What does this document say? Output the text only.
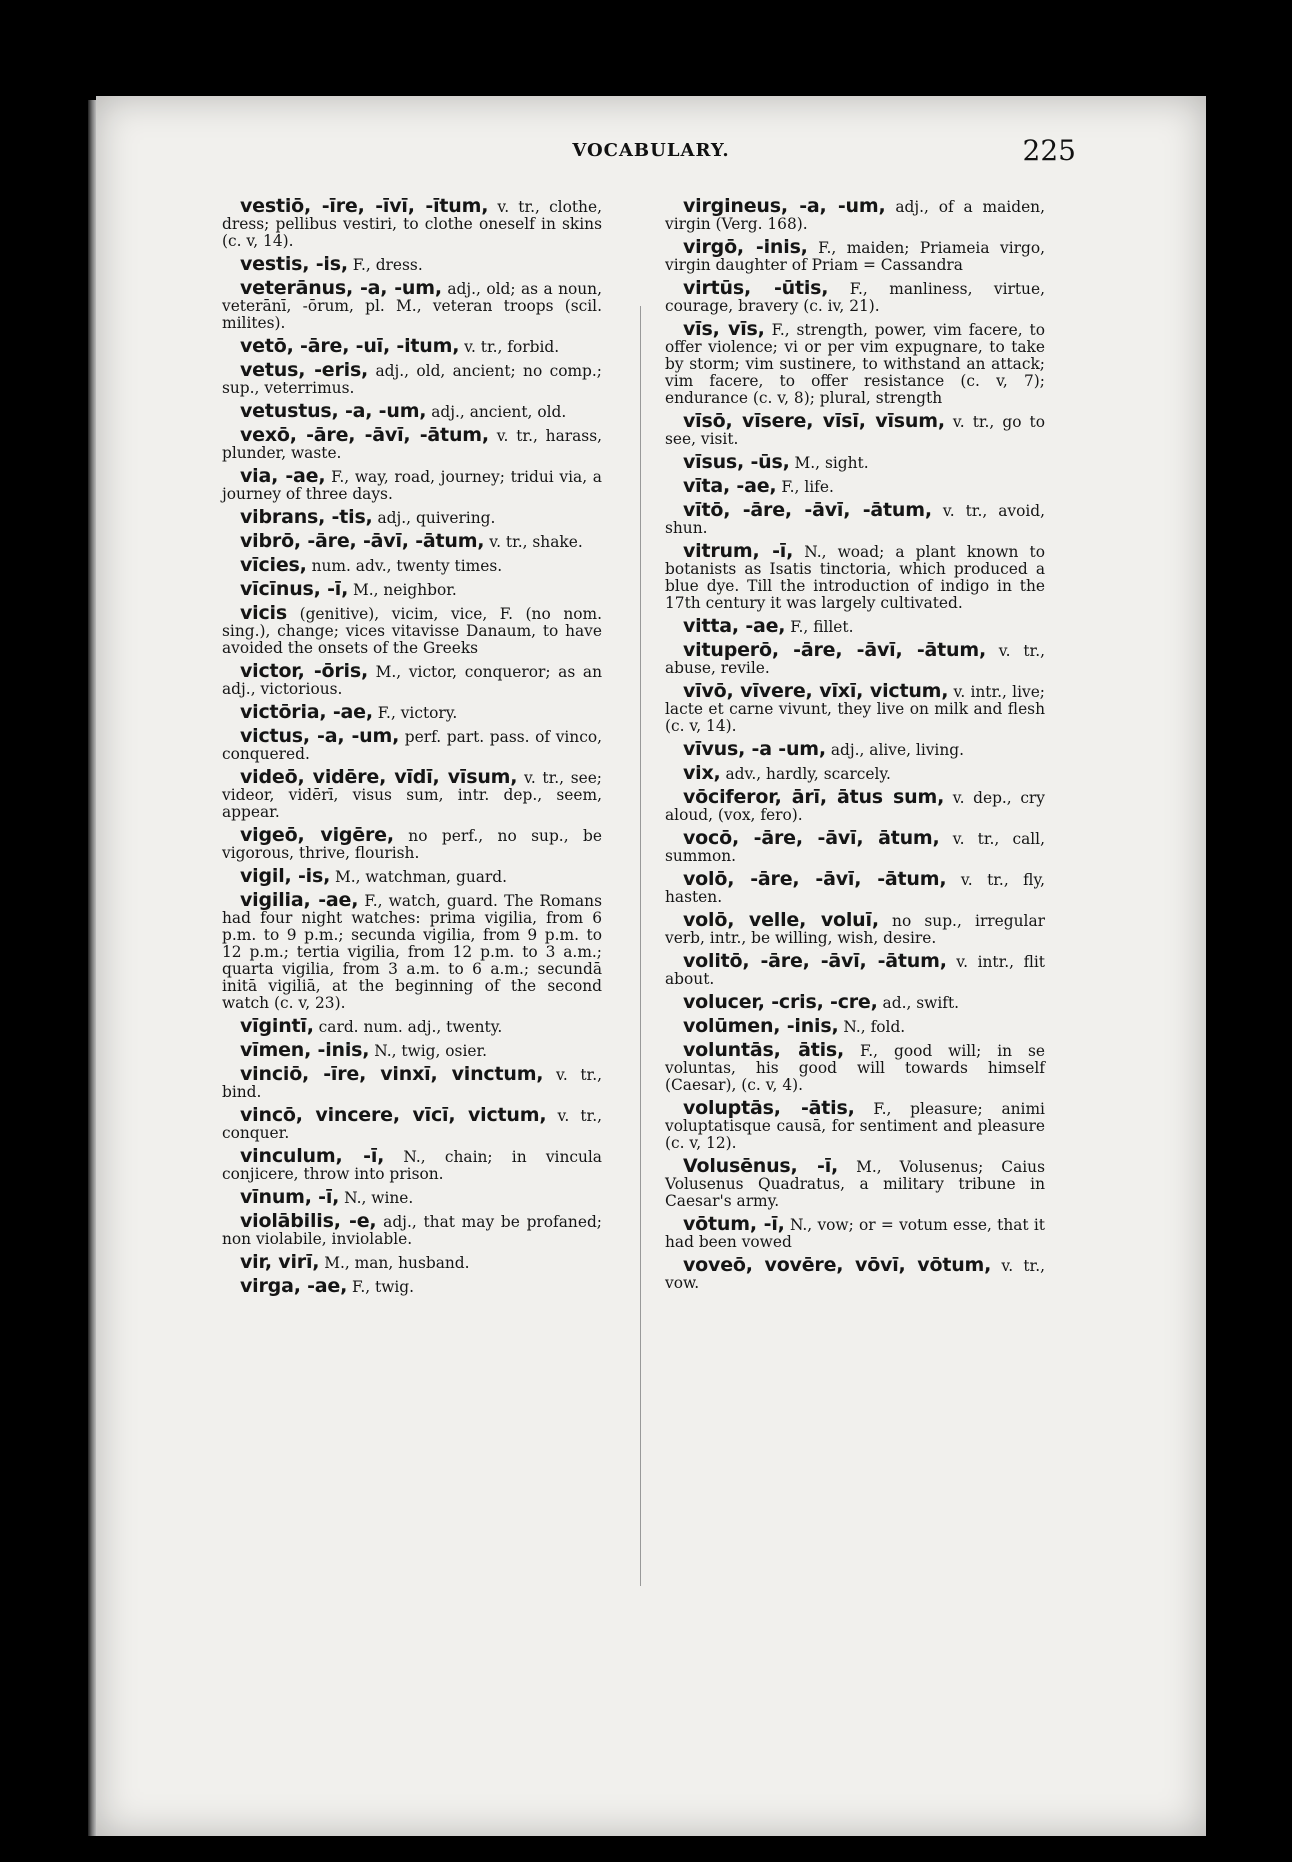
VOCABULARY.	225

vestiō, -īre, -īvī, -ītum, v. tr., clothe, dress; pellibus vestiri, to clothe oneself in skins (c. v, 14).

vestis, -is, F., dress.

veterānus, -a, -um, adj., old; as a noun, veterānī, -ōrum, pl. M., veteran troops (scil. milites).

vetō, -āre, -uī, -itum, v. tr., forbid.

vetus, -eris, adj., old, ancient; no comp.; sup., veterrimus.

vetustus, -a, -um, adj., ancient, old.

vexō, -āre, -āvī, -ātum, v. tr., harass, plunder, waste.

via, -ae, F., way, road, journey; tridui via, a journey of three days.

vibrans, -tis, adj., quivering.

vibrō, -āre, -āvī, -ātum, v. tr., shake.

vīcies, num. adv., twenty times.

vīcīnus, -ī, M., neighbor.

vicis (genitive), vicim, vice, F. (no nom. sing.), change; vices vitavisse Danaum, to have avoided the onsets of the Greeks

victor, -ōris, M., victor, conqueror; as an adj., victorious.

victōria, -ae, F., victory.

victus, -a, -um, perf. part. pass. of vinco, conquered.

videō, vidēre, vīdī, vīsum, v. tr., see; videor, vidērī, visus sum, intr. dep., seem, appear.

vigeō, vigēre, no perf., no sup., be vigorous, thrive, flourish.

vigil, -is, M., watchman, guard.

vigilia, -ae, F., watch, guard. The Romans had four night watches: prima vigilia, from 6 p.m. to 9 p.m.; secunda vigilia, from 9 p.m. to 12 p.m.; tertia vigilia, from 12 p.m. to 3 a.m.; quarta vigilia, from 3 a.m. to 6 a.m.; secundā initā vigiliā, at the beginning of the second watch (c. v, 23).

vīgintī, card. num. adj., twenty.

vīmen, -inis, N., twig, osier.

vinciō, -īre, vinxī, vinctum, v. tr., bind.

vincō, vincere, vīcī, victum, v. tr., conquer.

vinculum, -ī, N., chain; in vincula conjicere, throw into prison.

vīnum, -ī, N., wine.

violābilis, -e, adj., that may be profaned; non violabile, inviolable.

vir, virī, M., man, husband.

virga, -ae, F., twig.

virgineus, -a, -um, adj., of a maiden, virgin (Verg. 168).

virgō, -inis, F., maiden; Priameia virgo, virgin daughter of Priam = Cassandra

virtūs, -ūtis, F., manliness, virtue, courage, bravery (c. iv, 21).

vīs, vīs, F., strength, power, vim facere, to offer violence; vi or per vim expugnare, to take by storm; vim sustinere, to withstand an attack; vim facere, to offer resistance (c. v, 7); endurance (c. v, 8); plural, strength

vīsō, vīsere, vīsī, vīsum, v. tr., go to see, visit.

vīsus, -ūs, M., sight.

vīta, -ae, F., life.

vītō, -āre, -āvī, -ātum, v. tr., avoid, shun.

vitrum, -ī, N., woad; a plant known to botanists as Isatis tinctoria, which produced a blue dye. Till the introduction of indigo in the 17th century it was largely cultivated.

vitta, -ae, F., fillet.

vituperō, -āre, -āvī, -ātum, v. tr., abuse, revile.

vīvō, vīvere, vīxī, victum, v. intr., live; lacte et carne vivunt, they live on milk and flesh (c. v, 14).

vīvus, -a -um, adj., alive, living.

vix, adv., hardly, scarcely.

vōciferor, ārī, ātus sum, v. dep., cry aloud, (vox, fero).

vocō, -āre, -āvī, ātum, v. tr., call, summon.

volō, -āre, -āvī, -ātum, v. tr., fly, hasten.

volō, velle, voluī, no sup., irregular verb, intr., be willing, wish, desire.

volitō, -āre, -āvī, -ātum, v. intr., flit about.

volucer, -cris, -cre, ad., swift.

volūmen, -inis, N., fold.

voluntās, ātis, F., good will; in se voluntas, his good will towards himself (Caesar), (c. v, 4).

voluptās, -ātis, F., pleasure; animi voluptatisque causā, for sentiment and pleasure (c. v, 12).

Volusēnus, -ī, M., Volusenus; Caius Volusenus Quadratus, a military tribune in Caesar's army.

vōtum, -ī, N., vow; or = votum esse, that it had been vowed

voveō, vovēre, vōvī, vōtum, v. tr., vow.
